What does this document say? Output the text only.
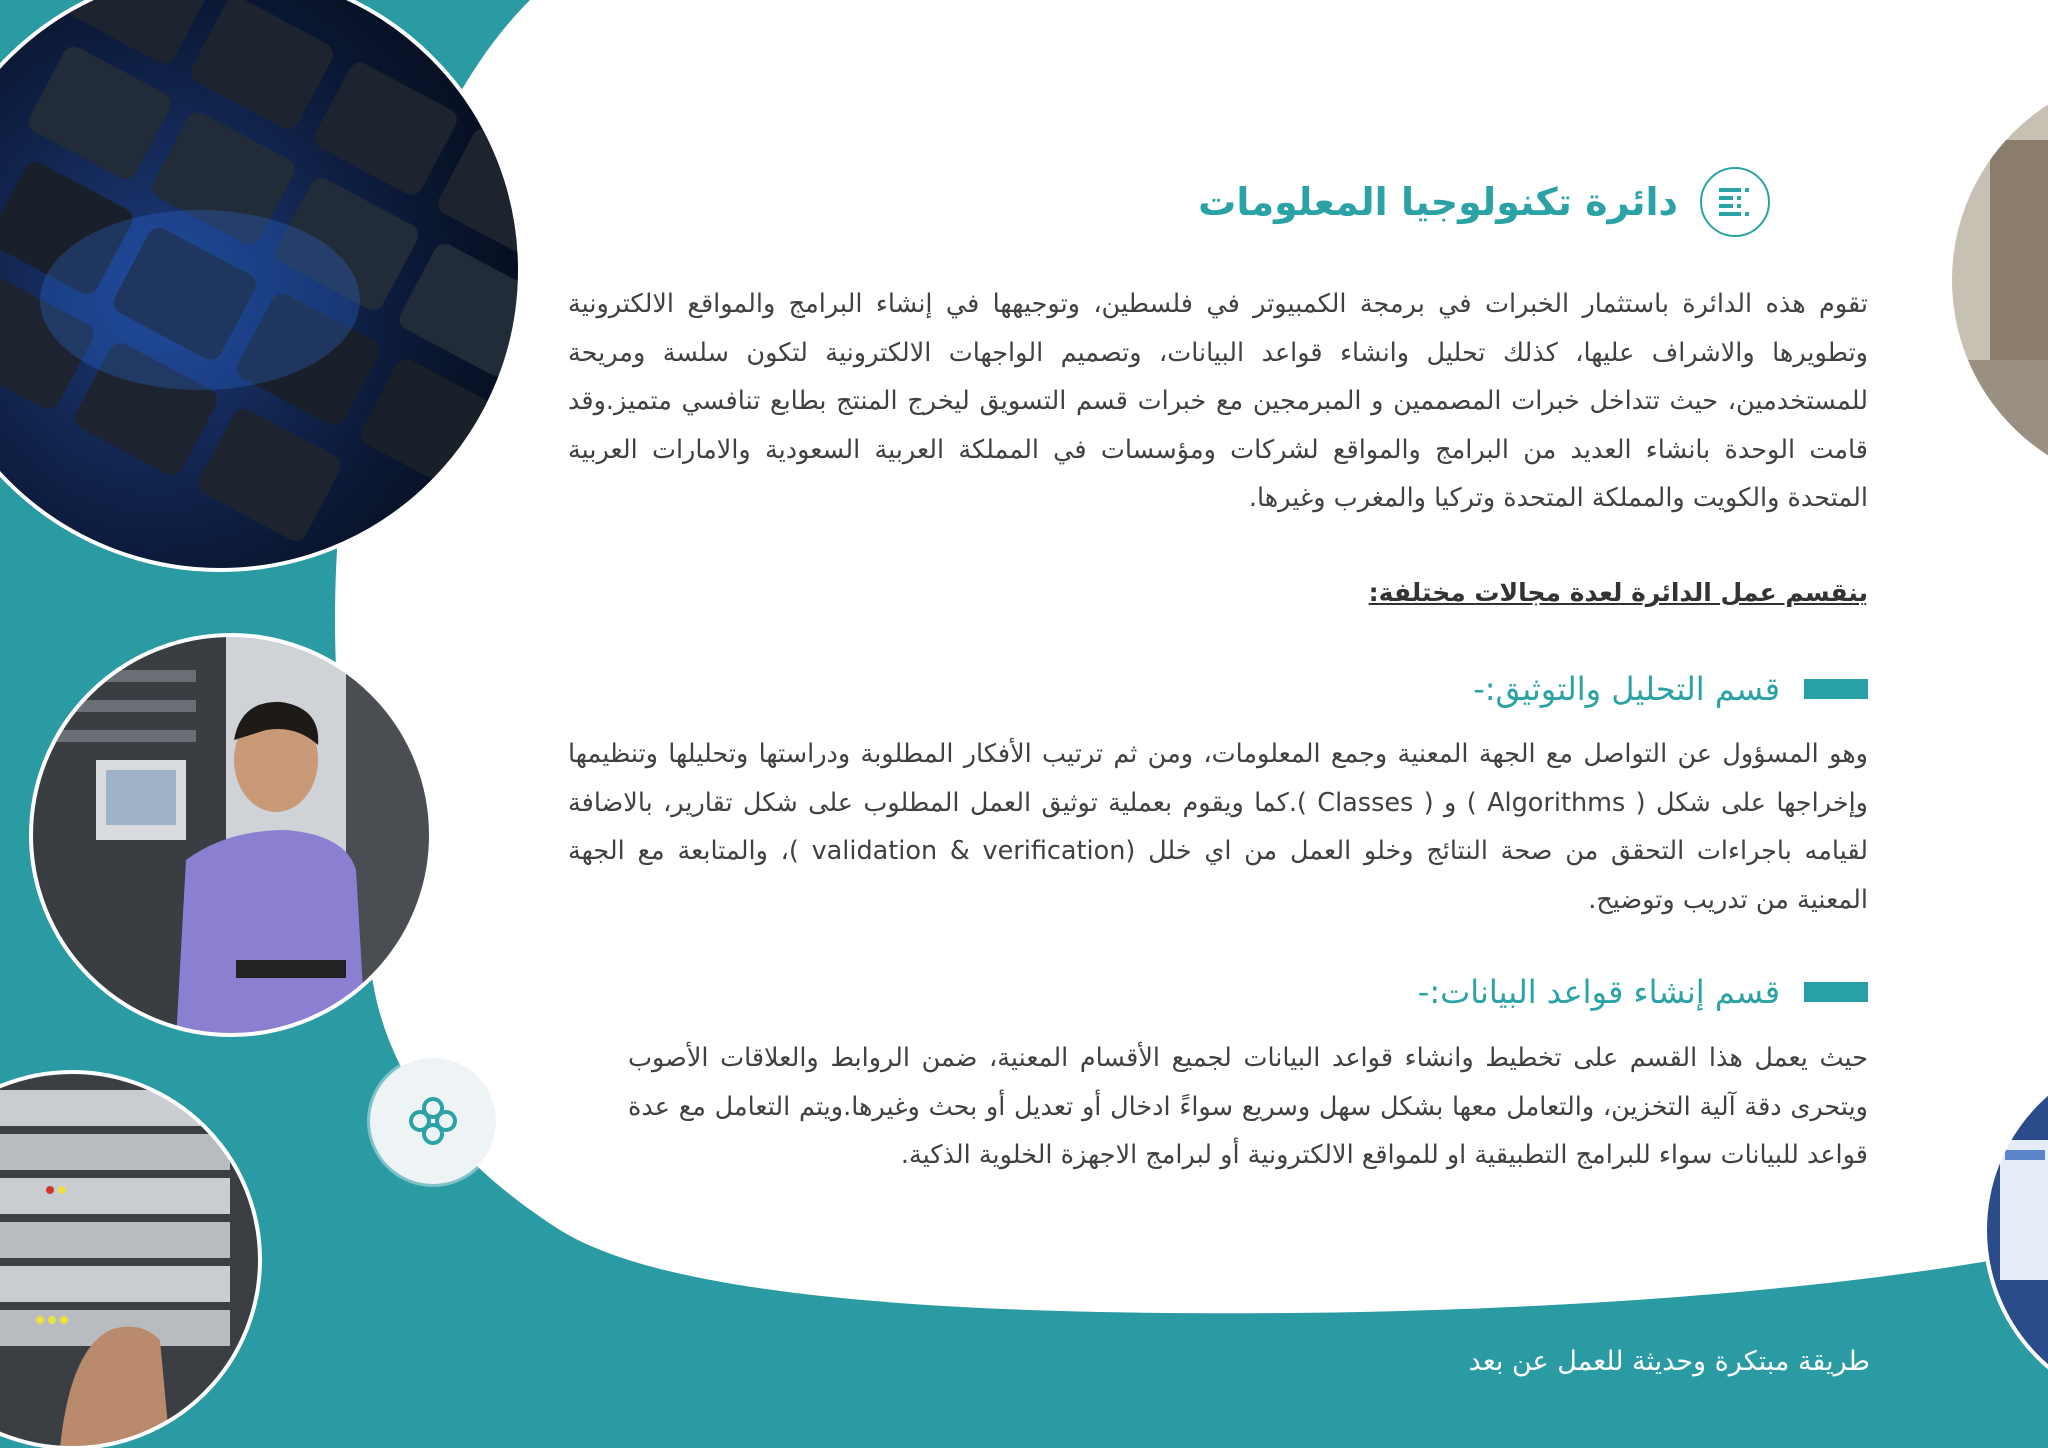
دائرة تكنولوجيا المعلومات
تقوم هذه الدائرة باستثمار الخبرات في برمجة الكمبيوتر في فلسطين، وتوجيهها في إنشاء البرامج والمواقع الالكترونية وتطويرها والاشراف عليها، كذلك تحليل وانشاء قواعد البيانات، وتصميم الواجهات الالكترونية لتكون سلسة ومريحة للمستخدمين، حيث تتداخل خبرات المصممين و المبرمجين مع خبرات قسم التسويق ليخرج المنتج بطابع تنافسي متميز.وقد قامت الوحدة بانشاء العديد من البرامج والمواقع لشركات ومؤسسات في المملكة العربية السعودية والامارات العربية المتحدة والكويت والمملكة المتحدة وتركيا والمغرب وغيرها.
ينقسم عمل الدائرة لعدة مجالات مختلفة:
قسم التحليل والتوثيق:-
وهو المسؤول عن التواصل مع الجهة المعنية وجمع المعلومات، ومن ثم ترتيب الأفكار المطلوبة ودراستها وتحليلها وتنظيمها وإخراجها على شكل ( Algorithms ) و ( Classes ).كما ويقوم بعملية توثيق العمل المطلوب على شكل تقارير، بالاضافة لقيامه باجراءات التحقق من صحة النتائج وخلو العمل من اي خلل (validation & verification )، والمتابعة مع الجهة المعنية من تدريب وتوضيح.
قسم إنشاء قواعد البيانات:-
حيث يعمل هذا القسم على تخطيط وانشاء قواعد البيانات لجميع الأقسام المعنية، ضمن الروابط والعلاقات الأصوب ويتحرى دقة آلية التخزين، والتعامل معها بشكل سهل وسريع سواءً ادخال أو تعديل أو بحث وغيرها.ويتم التعامل مع عدة قواعد للبيانات سواء للبرامج التطبيقية او للمواقع الالكترونية أو لبرامج الاجهزة الخلوية الذكية.
طريقة مبتكرة وحديثة للعمل عن بعد
